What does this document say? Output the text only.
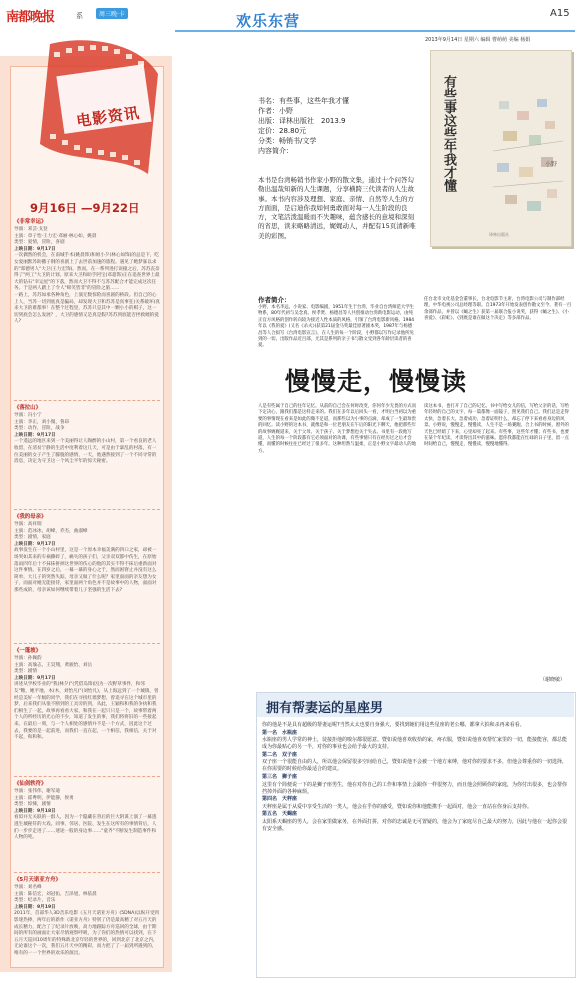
南都晚报	系	周三晚·卡	欢乐东营	A15
2013年9月14日 星期六 编辑 曹萌萌 美编 杨娟
电影资讯
9月16日 —9月22日
《非常幸运》
导演：邓芸·戈登
主演：章子怡·王力宏·邓丽·林心如，姚晨
类型：爱情，冒险，喜剧
上映日期：9月17日
一次偶然的机会，在南城手术(姚晨饰)和姐小夕(林心如饰)的总是下，吃女爱丽默苏助撒子钢的喜剧上了去世前加速的旅程。遇见了她梦寐以求的"郑德男人"大卫(王力宏饰)。然而，在一系列进打误撞之后，苏苏丧奈得了"两工"大卫的计划。原来大卫和助手阿宝(邓超饰)正在追查世界上最大的钻石"幸运星"的下落，然而大卫不得不与苏苏配合才能完成这次任务。于是两人踏上了令人"啼笑皆非"的冒险之旅……
一路上，苏苏如承各种角色，上演无数惊险而喜剧的桥段。但自己的心上人，当苏一切到底真是骗局，却发现大卫和苏苏是真事狂(关系破坏)真来大卫的难都事！在整个过程里，苏苏只是其中一颗小小的棋子，这一切到底会怎么发展？，大卫的感情又是真是假?苏苏到底能否拯救她的爱人?
《落拉山》
导演：冯小宁
主演：李正，刘小微，鲁昂
类型：动作，冒险，战争
上映日期：9月17日
一个遥远的地区来到一个美丽得让人陶醉的小山村，第一个看良的老人收留，在清贫宁静的生活中度利着这几天，可是由于暴乱的村落，有一位美丽的女子产生了朦胧的感情，一天，他遇然接到了一个不同寻常的消息，决定为守卫这一个风尘平年的惊天秘密。
《我的母亲》
导演：高祥瑞
主演：范冰冰，胡峰，乔杰，曲淑峰
类型：剧情，家庭
上映日期：9月17日
故事发生在一个小山村里，这是一个原本幸福美满的四口之家，却被一场突如其来的车祸撕碎了，痛失的孩子们，父亲双双都中伤生，在原始落雨四年后十不抹抹拼掉这世界的伤心的他的其实不得不抹后重新面对这件事情。在四岁之后，一幕一幕的身心之于，然而困窘止并没有这么简单，大儿子的突然失踪，母亲又做了什么呢？家里面面的亲友想为女子，而面对她无能接待，家里面两个角色并不是故事中的人物，面面对那些成的，母亲该如何继续带着儿子坚强的生活下去?
《一蓬坡》
导演：孙佩韵
主演：高瑜志，王昊翔，黄骏怡，刘岳
类型：剧情
上映日期：9月17日
讲述从学校毕业的"我(林夕)"(凭借岛饰)因为一次野草事件，和邻友"糖，她平地，木(木，刘怡凡)"(刘怡凡)，从上海远到了一个城镇，曾经是美好一年级的同学，我们在寻找红墙梦想，曾追寻在这个城市里的梦，后来我们从很不断到的工具旁的到，从此，王颖和和我的争执和我们相生了一起，故事再看看大家，和我在一起只只是一个，故事带着两个人的所经历的光心的不少，知道了发生的事，我们将将旧的一些接起来。在最后一刻，与一个人相处的感情并不是一个方式，因此这个过去，我要的是一起前进，而我们一直在起，一个相信，我相信，关于对不起，和和和。
《仙剑轶符》
导演：张伟伟，谢军迪
主演：霍粤明，伊能静，侯勇
类型：惊悚，剧情
上映日期：9月18日
看似并无关联的一群人，因为一个隐藏在背后的巨大阴谋上演了一幕逃逃生城秘符的大戏。同事、邻居、医院、发生在这所有的事情背后，人们一步步走进了……迷途一般的身边事……"童齐"不断发生制造事件和人物的死。
《5月天诺亚方舟》
导演：刘名峰
主演：陈信宏，刘冠佑，吉泽旭，林依晨
类型：纪录片，音乐
上映日期：9月19日
2011年，首部华人3D音乐电影《五月天诺亚方舟》(5DNA)以纵开受到影迷热捧，两年后的新作《诺亚方舟》特别了仍是最高精了对五月天的成长精力，配合了了纪录片放映，高力地跟踪方舟巡回的全球，由于期间的所有的画面让大家尽情观察呼吸，为了你们的热情可以找到，在下五月天巡回10周年的特殊新北京年轻的世界的，回到北京了北京之内，无论谁这个一次，我们五月天中的精彩，而力把了了一届到所遇到的，唯有的一一个世界的欢乐的演出。
书名：有些事，这些年我才懂
作者：小野
出版：译林出版社　2013.9
定价：28.80元
分类：畅销书/文学
内容简介：
本书是台湾畅销书作家小野的散文集，通过十个问答勾勒出温哉知新的人生课题，分享横跨三代读者的人生故事。本书内容涉及理想、家庭、亲情、自然等人生的方方面面，是启迪你我如何勇敢面对每一人生阶段的良方，文笔活泼温暖而不失趣味，蕴含感长的意境和深刻的省思，读来略略清远，娓娓动人，并配有15页清新唯美的彩图。
有些事这些年我才懂	小野
译林出版社
作者简介：
小野，本名李远，小说家、电影编剧，1951年生于台湾，毕业自台湾师范大学生物系，80年代初与吴念真、侯孝贤、杨德昌等人共创推动台湾新电影运动，由纯正官方风格的创作转向较为接近人性本质的风格，引领了台湾电影新风格。1984年以《我的爱》(又名《杀夫》)获第21届金马奖最佳原著剧本奖，1987年与杨德昌等人合拟写《台湾电影宣言》，在人生的每一个阶段，小野都以写作记录他所见到的一切。出版作品近百部，尤其是系列的亲子书与散文受到各年龄层读者的喜爱。
任台北市文化基金会董事长，台北电影节主席，台湾电影公司与制作部经理，中华电视公司总经理等职。自1973年开始发表创作散文至今，著有一百余部作品，并曾以《蛹之生》获第一届联合报小说奖，获得《蛹之生》、《小喜爱》、《彩虹》、《到底是谁在做这个决定》等多部作品。
慢慢走，慢慢读
人是有些属于自己的往年记忆。从前的自己会在何时改变，你何年少无畏的方式而下定决心，跟我们都是这样走来的。我们在多年以后回头一看，才明白当初以为重要的事情现在看来是如此的微不足道，而那些以为小事的点滴，却成了一生最珍贵的回忆。读小野的这本书，就像是和一位老朋友在午后的阳光下聊天，他把那些年的故事娓娓道来，关于父母、关于孩子、关于梦想也关于失去。书里有一段他写道，人生的每一个阶段都有它必须面对的功课，有些事情只有在经历过之后才会懂，而懂的时候往往已经过了很多年。这种坦然与温柔，正是小野文字最动人的地方。
读这本书，也打开了自己的记忆。书中写给女儿的信，写给父亲的话，写给年轻时的自己的文字，每一篇都像一面镜子，照见我们自己。我们总是走得太快，急着长大，急着成功，急着证明什么，却忘了停下来看看身边的风景。小野说，慢慢走，慢慢读，人生不是一场赛跑。合上书的时候，窗外的天色已经暗了下来，心里却亮了起来。有些事，这些年才懂；有些书，也要在某个年纪读，才读得出其中的滋味。愿你我都能在忙碌的日子里，留一点时间给自己，慢慢走，慢慢读，慢慢地懂得。
（谢晓敏）
拥有帮妻运的星座男

你的他是不是具有超级的帮妻运呢?当然太太也要自身强大，要找到她们用这些星座的老公哪，都拿大拍和杀再来看看。

第一名　水瓶座

水瓶座的男人学常的神士，徒接拒他的嗅尔都很愿意。暨如说他喜欢收拾的家，疼衣服，暨如说他喜欢帮忙家里的一切，能接能容，都总能成为你最贴心的另一半，对你的事业也会给予最大的支持。

第二名　双子座

双子座一个很能自由的人，所以他会保留很多空间给自己，暨如说他不会被一个地方束缚，他对你的要求不多，但他会尊重你的一切选择，在你需要的时候给你最适合的建议。

第三名　狮子座

这里有个简便说一下的是狮子座男生，他在对你自己的工作和事情上会跟你一样很努力，而且他会照顾你的家庭，为你付出很多，也会帮你挡掉外面的各种麻烦。

第四名　天秤座

天秤座是属于从爱中享受生活的一类人，他会在乎你的感受，暨如说你和他能携手一起面对，他会一直站在你身后支持你。

第五名　天蝎座

太阳系天蝎座的男人，会在家里做家务，在外面打拼，对你的忠诚是无可置疑的，他会为了家庭尽自己最大的努力，因此与他在一起你会很有安全感。
